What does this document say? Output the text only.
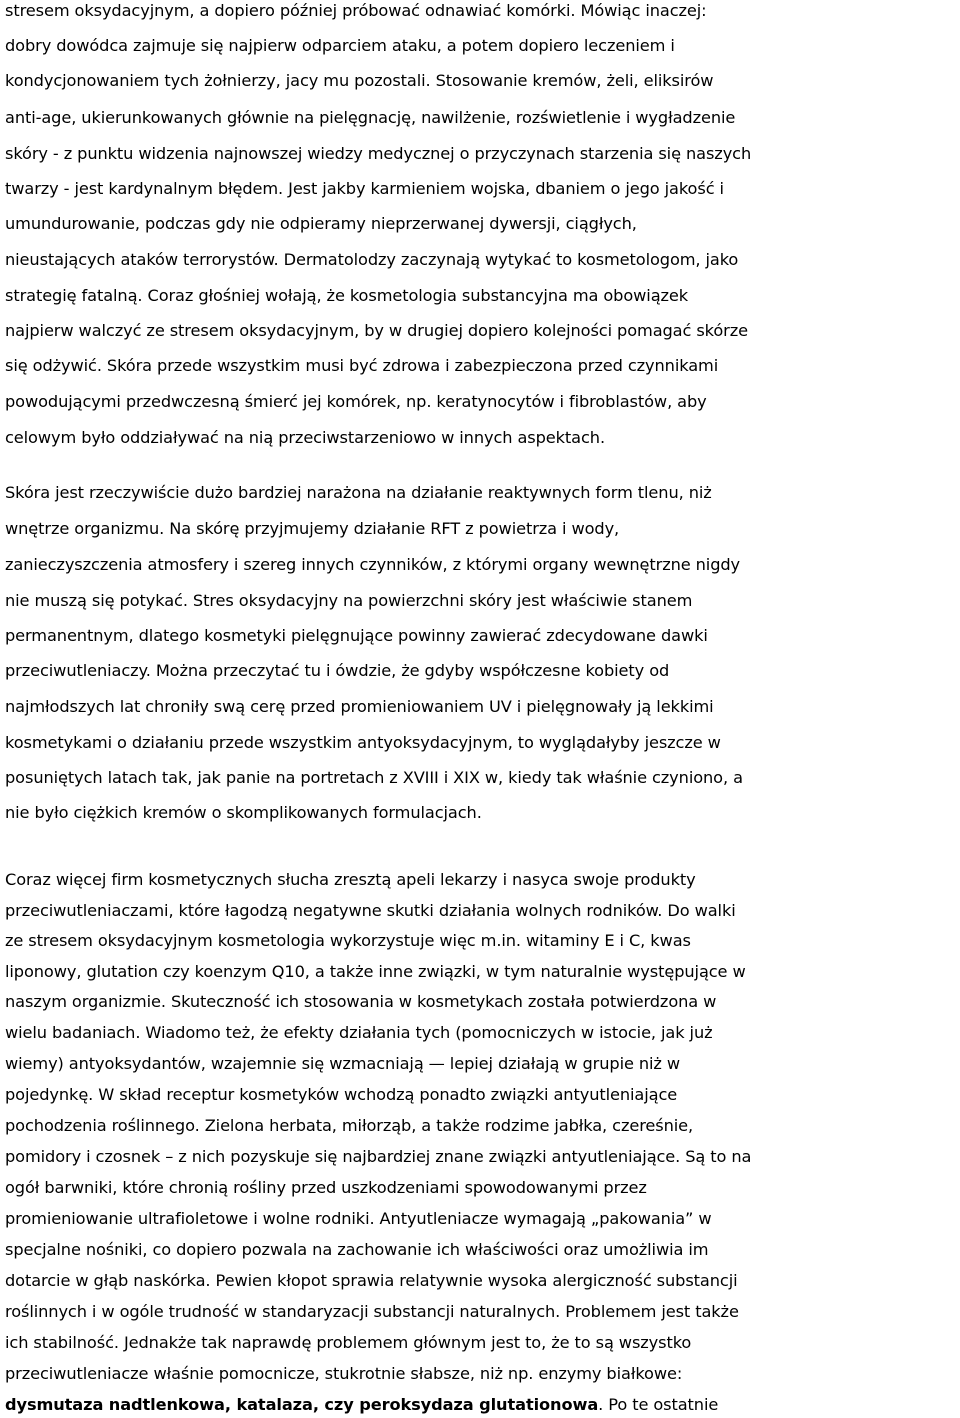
stresem oksydacyjnym, a dopiero później próbować odnawiać komórki. Mówiąc inaczej:
dobry dowódca zajmuje się najpierw odparciem ataku, a potem dopiero leczeniem i
kondycjonowaniem tych żołnierzy, jacy mu pozostali. Stosowanie kremów, żeli, eliksirów
anti-age, ukierunkowanych głównie na pielęgnację, nawilżenie, rozświetlenie i wygładzenie
skóry - z punktu widzenia najnowszej wiedzy medycznej o przyczynach starzenia się naszych
twarzy - jest kardynalnym błędem. Jest jakby karmieniem wojska, dbaniem o jego jakość i
umundurowanie, podczas gdy nie odpieramy nieprzerwanej dywersji, ciągłych,
nieustających ataków terrorystów. Dermatolodzy zaczynają wytykać to kosmetologom, jako
strategię fatalną. Coraz głośniej wołają, że kosmetologia substancyjna ma obowiązek
najpierw walczyć ze stresem oksydacyjnym, by w drugiej dopiero kolejności pomagać skórze
się odżywić. Skóra przede wszystkim musi być zdrowa i zabezpieczona przed czynnikami
powodującymi przedwczesną śmierć jej komórek, np. keratynocytów i fibroblastów, aby
celowym było oddziaływać na nią przeciwstarzeniowo w innych aspektach.
Skóra jest rzeczywiście dużo bardziej narażona na działanie reaktywnych form tlenu, niż
wnętrze organizmu. Na skórę przyjmujemy działanie RFT z powietrza i wody,
zanieczyszczenia atmosfery i szereg innych czynników, z którymi organy wewnętrzne nigdy
nie muszą się potykać. Stres oksydacyjny na powierzchni skóry jest właściwie stanem
permanentnym, dlatego kosmetyki pielęgnujące powinny zawierać zdecydowane dawki
przeciwutleniaczy. Można przeczytać tu i ówdzie, że gdyby współczesne kobiety od
najmłodszych lat chroniły swą cerę przed promieniowaniem UV i pielęgnowały ją lekkimi
kosmetykami o działaniu przede wszystkim antyoksydacyjnym, to wyglądałyby jeszcze w
posuniętych latach tak, jak panie na portretach z XVIII i XIX w, kiedy tak właśnie czyniono, a
nie było ciężkich kremów o skomplikowanych formulacjach.
Coraz więcej firm kosmetycznych słucha zresztą apeli lekarzy i nasyca swoje produkty
przeciwutleniaczami, które łagodzą negatywne skutki działania wolnych rodników. Do walki
ze stresem oksydacyjnym kosmetologia wykorzystuje więc m.in. witaminy E i C, kwas
liponowy, glutation czy koenzym Q10, a także inne związki, w tym naturalnie występujące w
naszym organizmie. Skuteczność ich stosowania w kosmetykach została potwierdzona w
wielu badaniach. Wiadomo też, że efekty działania tych (pomocniczych w istocie, jak już
wiemy) antyoksydantów, wzajemnie się wzmacniają — lepiej działają w grupie niż w
pojedynkę. W skład receptur kosmetyków wchodzą ponadto związki antyutleniające
pochodzenia roślinnego. Zielona herbata, miłorząb, a także rodzime jabłka, czereśnie,
pomidory i czosnek – z nich pozyskuje się najbardziej znane związki antyutleniające. Są to na
ogół barwniki, które chronią rośliny przed uszkodzeniami spowodowanymi przez
promieniowanie ultrafioletowe i wolne rodniki. Antyutleniacze wymagają „pakowania” w
specjalne nośniki, co dopiero pozwala na zachowanie ich właściwości oraz umożliwia im
dotarcie w głąb naskórka. Pewien kłopot sprawia relatywnie wysoka alergiczność substancji
roślinnych i w ogóle trudność w standaryzacji substancji naturalnych. Problemem jest także
ich stabilność. Jednakże tak naprawdę problemem głównym jest to, że to są wszystko
przeciwutleniacze właśnie pomocnicze, stukrotnie słabsze, niż np. enzymy białkowe:
dysmutaza nadtlenkowa, katalaza, czy peroksydaza glutationowa. Po te ostatnie
